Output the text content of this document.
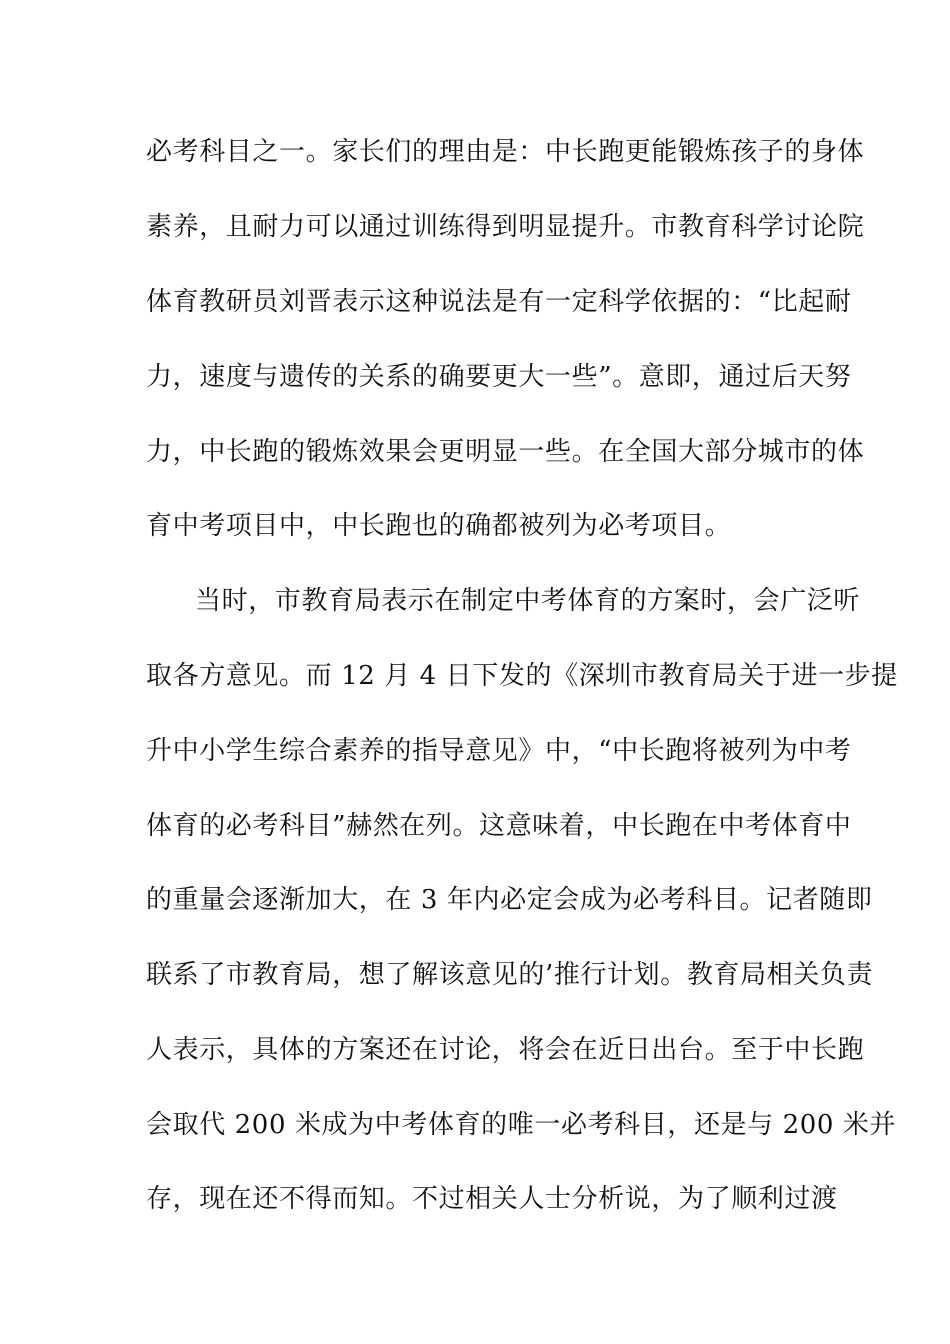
必考科目之一。家长们的理由是：中长跑更能锻炼孩子的身体
素养，且耐力可以通过训练得到明显提升。市教育科学讨论院
体育教研员刘晋表示这种说法是有一定科学依据的：“比起耐
力，速度与遗传的关系的确要更大一些”。意即，通过后天努
力，中长跑的锻炼效果会更明显一些。在全国大部分城市的体
育中考项目中，中长跑也的确都被列为必考项目。
当时，市教育局表示在制定中考体育的方案时，会广泛听
取各方意见。而 12 月 4 日下发的《深圳市教育局关于进一步提
升中小学生综合素养的指导意见》中，“中长跑将被列为中考
体育的必考科目”赫然在列。这意味着，中长跑在中考体育中
的重量会逐渐加大，在 3 年内必定会成为必考科目。记者随即
联系了市教育局，想了解该意见的’推行计划。教育局相关负责
人表示，具体的方案还在讨论，将会在近日出台。至于中长跑
会取代 200 米成为中考体育的唯一必考科目，还是与 200 米并
存，现在还不得而知。不过相关人士分析说，为了顺利过渡
